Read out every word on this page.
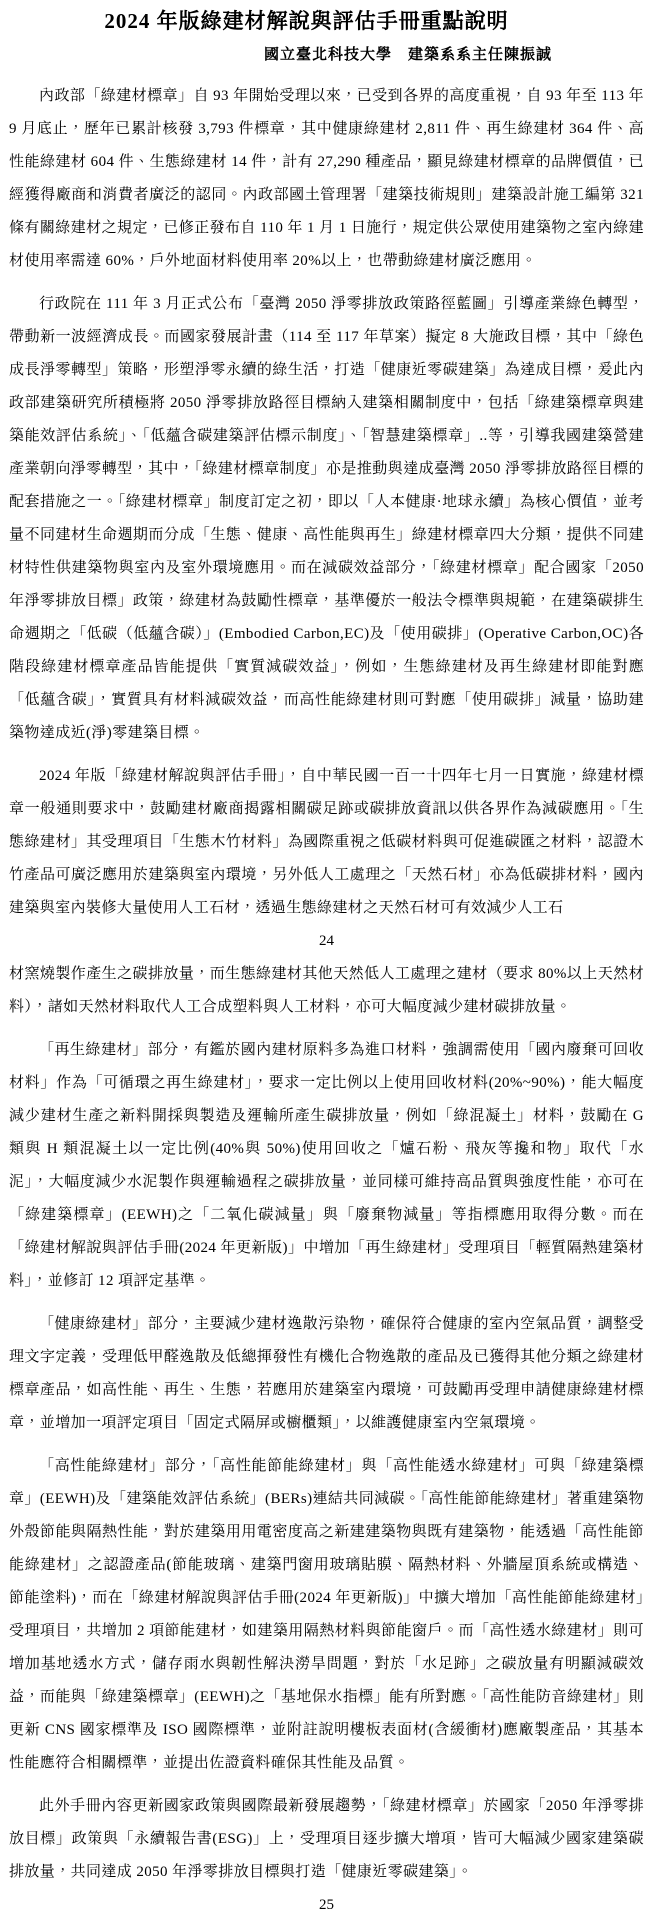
2024 年版綠建材解說與評估手冊重點說明
國立臺北科技大學　建築系系主任陳振誠

內政部「綠建材標章」自 93 年開始受理以來，已受到各界的高度重視，自 93 年至 113 年 9 月底止，歷年已累計核發 3,793 件標章，其中健康綠建材 2,811 件、再生綠建材 364 件、高性能綠建材 604 件、生態綠建材 14 件，計有 27,290 種產品，顯見綠建材標章的品牌價值，已經獲得廠商和消費者廣泛的認同。內政部國土管理署「建築技術規則」建築設計施工編第 321 條有關綠建材之規定，已修正發布自 110 年 1 月 1 日施行，規定供公眾使用建築物之室內綠建材使用率需達 60%，戶外地面材料使用率 20%以上，也帶動綠建材廣泛應用。

行政院在 111 年 3 月正式公布「臺灣 2050 淨零排放政策路徑藍圖」引導產業綠色轉型，帶動新一波經濟成長。而國家發展計畫（114 至 117 年草案）擬定 8 大施政目標，其中「綠色成長淨零轉型」策略，形塑淨零永續的綠生活，打造「健康近零碳建築」為達成目標，爰此內政部建築研究所積極將 2050 淨零排放路徑目標納入建築相關制度中，包括「綠建築標章與建築能效評估系統」、「低蘊含碳建築評估標示制度」、「智慧建築標章」..等，引導我國建築營建產業朝向淨零轉型，其中，「綠建材標章制度」亦是推動與達成臺灣 2050 淨零排放路徑目標的配套措施之一。「綠建材標章」制度訂定之初，即以「人本健康·地球永續」為核心價值，並考量不同建材生命週期而分成「生態、健康、高性能與再生」綠建材標章四大分類，提供不同建材特性供建築物與室內及室外環境應用。而在減碳效益部分，「綠建材標章」配合國家「2050 年淨零排放目標」政策，綠建材為鼓勵性標章，基準優於一般法令標準與規範，在建築碳排生命週期之「低碳（低蘊含碳）」(Embodied Carbon,EC)及「使用碳排」(Operative Carbon,OC)各階段綠建材標章產品皆能提供「實質減碳效益」，例如，生態綠建材及再生綠建材即能對應「低蘊含碳」，實質具有材料減碳效益，而高性能綠建材則可對應「使用碳排」減量，協助建築物達成近(淨)零建築目標。

2024 年版「綠建材解說與評估手冊」，自中華民國一百一十四年七月一日實施，綠建材標章一般通則要求中，鼓勵建材廠商揭露相關碳足跡或碳排放資訊以供各界作為減碳應用。「生態綠建材」其受理項目「生態木竹材料」為國際重視之低碳材料與可促進碳匯之材料，認證木竹產品可廣泛應用於建築與室內環境，另外低人工處理之「天然石材」亦為低碳排材料，國內建築與室內裝修大量使用人工石材，透過生態綠建材之天然石材可有效減少人工石

24

材窯燒製作產生之碳排放量，而生態綠建材其他天然低人工處理之建材（要求 80%以上天然材料），諸如天然材料取代人工合成塑料與人工材料，亦可大幅度減少建材碳排放量。

「再生綠建材」部分，有鑑於國內建材原料多為進口材料，強調需使用「國內廢棄可回收材料」作為「可循環之再生綠建材」，要求一定比例以上使用回收材料(20%~90%)，能大幅度減少建材生產之新料開採與製造及運輸所產生碳排放量，例如「綠混凝土」材料，鼓勵在 G 類與 H 類混凝土以一定比例(40%與 50%)使用回收之「爐石粉、飛灰等攙和物」取代「水泥」，大幅度減少水泥製作與運輸過程之碳排放量，並同樣可維持高品質與強度性能，亦可在「綠建築標章」(EEWH)之「二氧化碳減量」與「廢棄物減量」等指標應用取得分數。而在「綠建材解說與評估手冊(2024 年更新版)」中增加「再生綠建材」受理項目「輕質隔熱建築材料」，並修訂 12 項評定基準。

「健康綠建材」部分，主要減少建材逸散污染物，確保符合健康的室內空氣品質，調整受理文字定義，受理低甲醛逸散及低總揮發性有機化合物逸散的產品及已獲得其他分類之綠建材標章產品，如高性能、再生、生態，若應用於建築室內環境，可鼓勵再受理申請健康綠建材標章，並增加一項評定項目「固定式隔屏或櫥櫃類」，以維護健康室內空氣環境。

「高性能綠建材」部分，「高性能節能綠建材」與「高性能透水綠建材」可與「綠建築標章」(EEWH)及「建築能效評估系統」(BERs)連結共同減碳。「高性能節能綠建材」著重建築物外殼節能與隔熱性能，對於建築用用電密度高之新建建築物與既有建築物，能透過「高性能節能綠建材」之認證產品(節能玻璃、建築門窗用玻璃貼膜、隔熱材料、外牆屋頂系統或構造、節能塗料)，而在「綠建材解說與評估手冊(2024 年更新版)」中擴大增加「高性能節能綠建材」受理項目，共增加 2 項節能建材，如建築用隔熱材料與節能窗戶。而「高性透水綠建材」則可增加基地透水方式，儲存雨水與韌性解決澇旱問題，對於「水足跡」之碳放量有明顯減碳效益，而能與「綠建築標章」(EEWH)之「基地保水指標」能有所對應。「高性能防音綠建材」則更新 CNS 國家標準及 ISO 國際標準，並附註說明樓板表面材(含緩衝材)應廠製產品，其基本性能應符合相關標準，並提出佐證資料確保其性能及品質。

此外手冊內容更新國家政策與國際最新發展趨勢，「綠建材標章」於國家「2050 年淨零排放目標」政策與「永續報告書(ESG)」上，受理項目逐步擴大增項，皆可大幅減少國家建築碳排放量，共同達成 2050 年淨零排放目標與打造「健康近零碳建築」。

25
